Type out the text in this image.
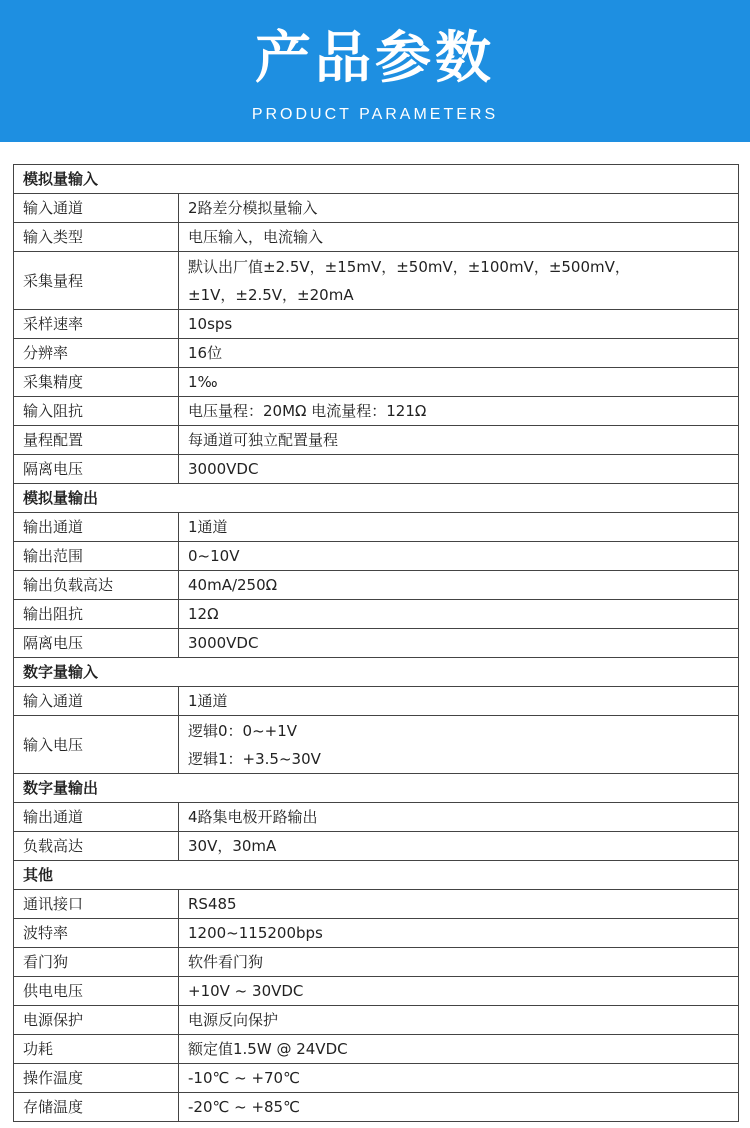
产品参数
PRODUCT PARAMETERS
模拟量输入	
输入通道	2路差分模拟量输入

输入类型	电压输入，电流输入

采集量程	默认出厂值±2.5V，±15mV，±50mV，±100mV，±500mV，
±1V，±2.5V，±20mA

采样速率	10sps

分辨率	16位

采集精度	1‰

输入阻抗	电压量程：20MΩ 电流量程：121Ω

量程配置	每通道可独立配置量程

隔离电压	3000VDC

模拟量输出	
输出通道	1通道

输出范围	0~10V

输出负载高达	40mA/250Ω

输出阻抗	12Ω

隔离电压	3000VDC

数字量输入	
输入通道	1通道

输入电压	逻辑0：0~+1V
逻辑1：+3.5~30V

数字量输出	
输出通道	4路集电极开路输出

负载高达	30V，30mA

其他	
通讯接口	RS485

波特率	1200~115200bps

看门狗	软件看门狗

供电电压	+10V ~ 30VDC

电源保护	电源反向保护

功耗	额定值1.5W @ 24VDC

操作温度	-10℃ ~ +70℃

存储温度	-20℃ ~ +85℃
